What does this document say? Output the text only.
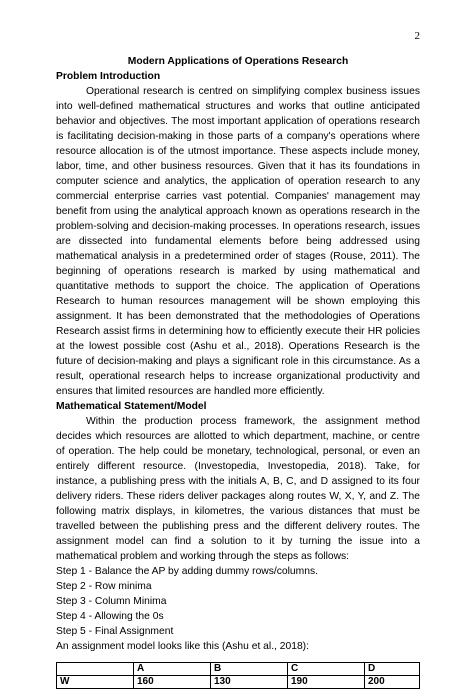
2

Modern Applications of Operations Research

Problem Introduction

Operational research is centred on simplifying complex business issues into well-defined mathematical structures and works that outline anticipated behavior and objectives. The most important application of operations research is facilitating decision-making in those parts of a company's operations where resource allocation is of the utmost importance. These aspects include money, labor, time, and other business resources. Given that it has its foundations in computer science and analytics, the application of operation research to any commercial enterprise carries vast potential. Companies' management may benefit from using the analytical approach known as operations research in the problem-solving and decision-making processes. In operations research, issues are dissected into fundamental elements before being addressed using mathematical analysis in a predetermined order of stages (Rouse, 2011). The beginning of operations research is marked by using mathematical and quantitative methods to support the choice. The application of Operations Research to human resources management will be shown employing this assignment. It has been demonstrated that the methodologies of Operations Research assist firms in determining how to efficiently execute their HR policies at the lowest possible cost (Ashu et al., 2018). Operations Research is the future of decision-making and plays a significant role in this circumstance. As a result, operational research helps to increase organizational productivity and ensures that limited resources are handled more efficiently.

Mathematical Statement/Model

Within the production process framework, the assignment method decides which resources are allotted to which department, machine, or centre of operation. The help could be monetary, technological, personal, or even an entirely different resource. (Investopedia, Investopedia, 2018). Take, for instance, a publishing press with the initials A, B, C, and D assigned to its four delivery riders. These riders deliver packages along routes W, X, Y, and Z. The following matrix displays, in kilometres, the various distances that must be travelled between the publishing press and the different delivery routes. The assignment model can find a solution to it by turning the issue into a mathematical problem and working through the steps as follows:

Step 1 - Balance the AP by adding dummy rows/columns.

Step 2 - Row minima

Step 3 - Column Minima

Step 4 - Allowing the 0s

Step 5 - Final Assignment

An assignment model looks like this (Ashu et al., 2018):

	A	B	C	D
W	160	130	190	200
